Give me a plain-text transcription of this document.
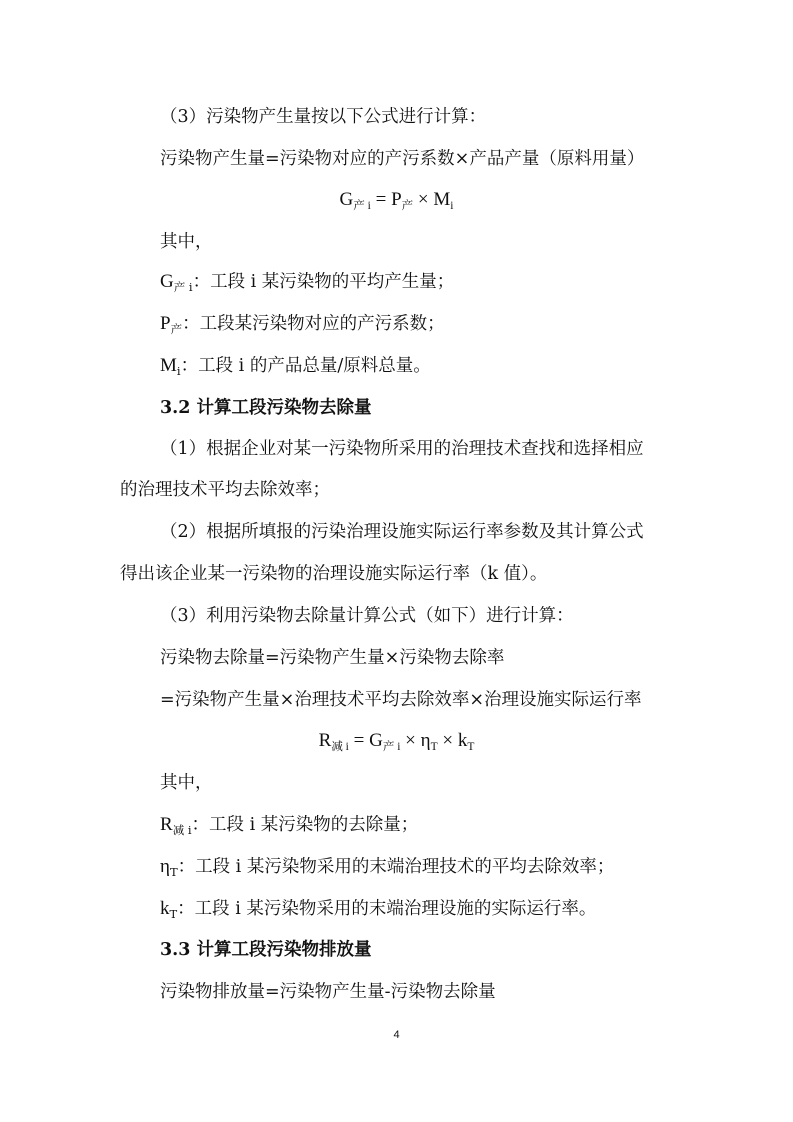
（3）污染物产生量按以下公式进行计算：
污染物产生量=污染物对应的产污系数×产品产量（原料用量）
$G_{产 i} = P_产 \times M_i$
其中，
$G_{产 i}$：工段 i 某污染物的平均产生量；
$P_产$：工段某污染物对应的产污系数；
$M_i$：工段 i 的产品总量/原料总量。
3.2 计算工段污染物去除量
（1）根据企业对某一污染物所采用的治理技术查找和选择相应
的治理技术平均去除效率；
（2）根据所填报的污染治理设施实际运行率参数及其计算公式
得出该企业某一污染物的治理设施实际运行率（k 值）。
（3）利用污染物去除量计算公式（如下）进行计算：
污染物去除量=污染物产生量×污染物去除率
=污染物产生量×治理技术平均去除效率×治理设施实际运行率
$R_{减 i} = G_{产 i} \times \eta_T \times k_T$
其中，
$R_{减 i}$：工段 i 某污染物的去除量；
$\eta_T$：工段 i 某污染物采用的末端治理技术的平均去除效率；
$k_T$：工段 i 某污染物采用的末端治理设施的实际运行率。
3.3 计算工段污染物排放量
污染物排放量=污染物产生量-污染物去除量
4
